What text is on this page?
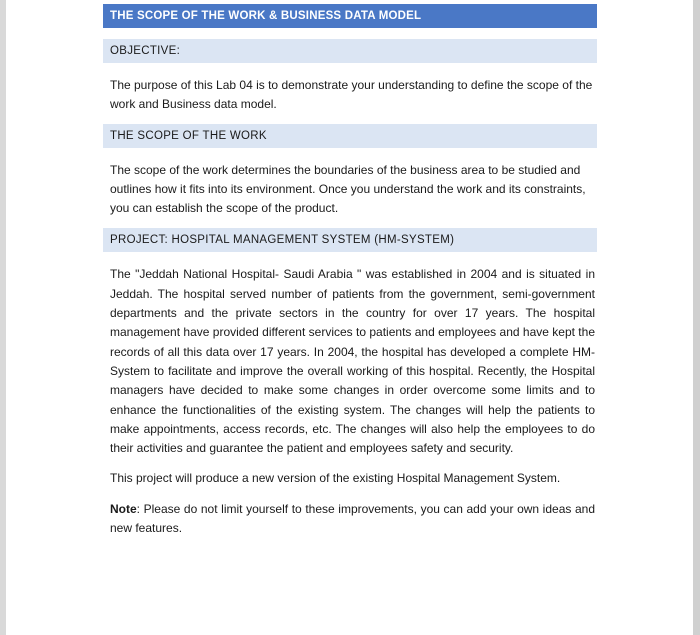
THE SCOPE OF THE WORK & BUSINESS DATA MODEL
OBJECTIVE:

The purpose of this Lab 04 is to demonstrate your understanding to define the scope of the work and Business data model.

THE SCOPE OF THE WORK

The scope of the work determines the boundaries of the business area to be studied and outlines how it fits into its environment. Once you understand the work and its constraints, you can establish the scope of the product.

PROJECT: HOSPITAL MANAGEMENT SYSTEM (HM-SYSTEM)

The "Jeddah National Hospital- Saudi Arabia " was established in 2004 and is situated in Jeddah. The hospital served number of patients from the government, semi-government departments and the private sectors in the country for over 17 years. The hospital management have provided different services to patients and employees and have kept the records of all this data over 17 years. In 2004, the hospital has developed a complete HM-System to facilitate and improve the overall working of this hospital. Recently, the Hospital managers have decided to make some changes in order overcome some limits and to enhance the functionalities of the existing system. The changes will help the patients to make appointments, access records, etc. The changes will also help the employees to do their activities and guarantee the patient and employees safety and security.

This project will produce a new version of the existing Hospital Management System.

Note: Please do not limit yourself to these improvements, you can add your own ideas and new features.
